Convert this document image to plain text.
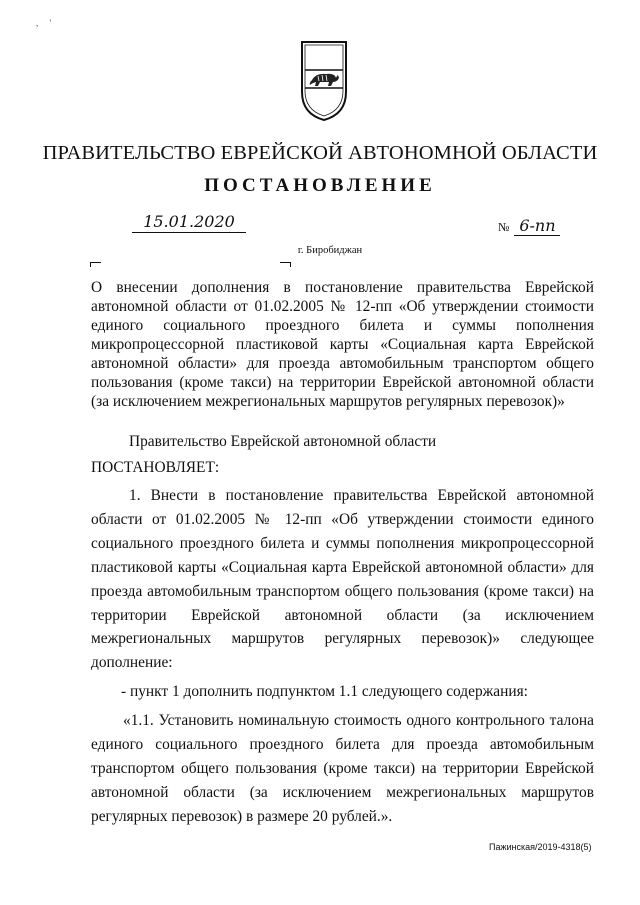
,     '
ПРАВИТЕЛЬСТВО ЕВРЕЙСКОЙ АВТОНОМНОЙ ОБЛАСТИ
ПОСТАНОВЛЕНИЕ
15.01.2020	№ 6-пп
г. Биробиджан
О внесении дополнения в постановление правительства Еврейской автономной области от 01.02.2005 № 12-пп «Об утверждении стоимости единого социального проездного билета и суммы пополнения микропроцессорной пластиковой карты «Социальная карта Еврейской автономной области» для проезда автомобильным транспортом общего пользования (кроме такси) на территории Еврейской автономной области (за исключением межрегиональных маршрутов регулярных перевозок)»
Правительство Еврейской автономной области
ПОСТАНОВЛЯЕТ:

1. Внести в постановление правительства Еврейской автономной области от 01.02.2005 № 12-пп «Об утверждении стоимости единого социального проездного билета и суммы пополнения микропроцессорной пластиковой карты «Социальная карта Еврейской автономной области» для проезда автомобильным транспортом общего пользования (кроме такси) на территории Еврейской автономной области (за исключением межрегиональных маршрутов регулярных перевозок)» следующее дополнение:

- пункт 1 дополнить подпунктом 1.1 следующего содержания:

«1.1. Установить номинальную стоимость одного контрольного талона единого социального проездного билета для проезда автомобильным транспортом общего пользования (кроме такси) на территории Еврейской автономной области (за исключением межрегиональных маршрутов регулярных перевозок) в размере 20 рублей.».

Пажинская/2019-4318(5)
